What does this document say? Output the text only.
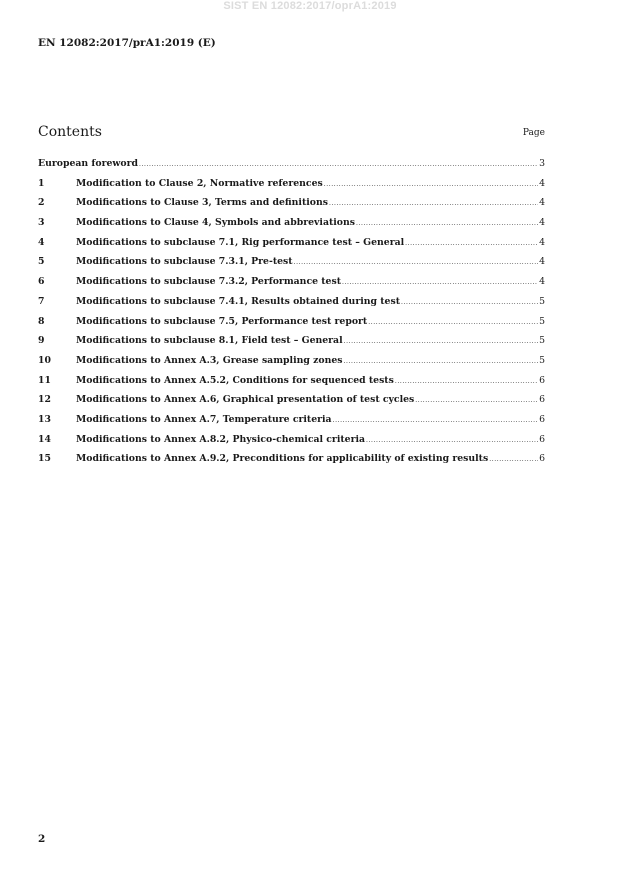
SIST EN 12082:2017/oprA1:2019
EN 12082:2017/prA1:2019 (E)
Contents	Page
European foreword .....	3
1	Modification to Clause 2, Normative references .....	4
2	Modifications to Clause 3, Terms and definitions .....	4
3	Modifications to Clause 4, Symbols and abbreviations .....	4
4	Modifications to subclause 7.1, Rig performance test – General .....	4
5	Modifications to subclause 7.3.1, Pre-test .....	4
6	Modifications to subclause 7.3.2, Performance test .....	4
7	Modifications to subclause 7.4.1, Results obtained during test .....	5
8	Modifications to subclause 7.5, Performance test report .....	5
9	Modifications to subclause 8.1, Field test – General .....	5
10	Modifications to Annex A.3, Grease sampling zones .....	5
11	Modifications to Annex A.5.2, Conditions for sequenced tests .....	6
12	Modifications to Annex A.6, Graphical presentation of test cycles .....	6
13	Modifications to Annex A.7, Temperature criteria .....	6
14	Modifications to Annex A.8.2, Physico-chemical criteria .....	6
15	Modifications to Annex A.9.2, Preconditions for applicability of existing results .....	6
2
